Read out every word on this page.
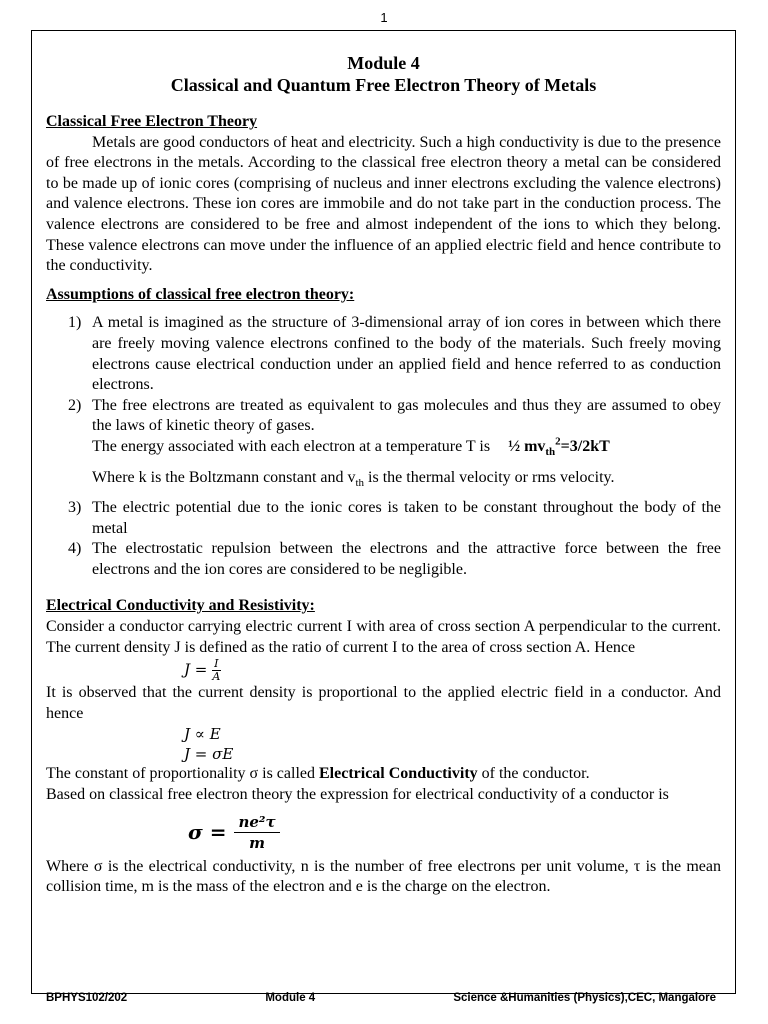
1
Module 4
Classical and Quantum Free Electron Theory of Metals
Classical Free Electron Theory

Metals are good conductors of heat and electricity. Such a high conductivity is due to the presence of free electrons in the metals. According to the classical free electron theory a metal can be considered to be made up of ionic cores (comprising of nucleus and inner electrons excluding the valence electrons) and valence electrons. These ion cores are immobile and do not take part in the conduction process. The valence electrons are considered to be free and almost independent of the ions to which they belong. These valence electrons can move under the influence of an applied electric field and hence contribute to the conductivity.

Assumptions of classical free electron theory:
1) A metal is imagined as the structure of 3-dimensional array of ion cores in between which there are freely moving valence electrons confined to the body of the materials. Such freely moving electrons cause electrical conduction under an applied field and hence referred to as conduction electrons.
2) The free electrons are treated as equivalent to gas molecules and thus they are assumed to obey the laws of kinetic theory of gases.
The energy associated with each electron at a temperature T is ½ $mv_{th}^2=3/2kT$
Where k is the Boltzmann constant and $v_{th}$ is the thermal velocity or rms velocity.
3) The electric potential due to the ionic cores is taken to be constant throughout the body of the metal
4) The electrostatic repulsion between the electrons and the attractive force between the free electrons and the ion cores are considered to be negligible.
Electrical Conductivity and Resistivity:

Consider a conductor carrying electric current I with area of cross section A perpendicular to the current. The current density J is defined as the ratio of current I to the area of cross section A. Hence

$J = \frac{I}{A}$

It is observed that the current density is proportional to the applied electric field in a conductor. And hence

J ∝ E
J = σE

The constant of proportionality σ is called Electrical Conductivity of the conductor.

Based on classical free electron theory the expression for electrical conductivity of a conductor is

$\sigma = \frac{\text{ne²τ}}{m}$

Where σ is the electrical conductivity, n is the number of free electrons per unit volume, τ is the mean collision time, m is the mass of the electron and e is the charge on the electron.

BPHYS102/202	Module 4	Science &Humanities (Physics),CEC, Mangalore
